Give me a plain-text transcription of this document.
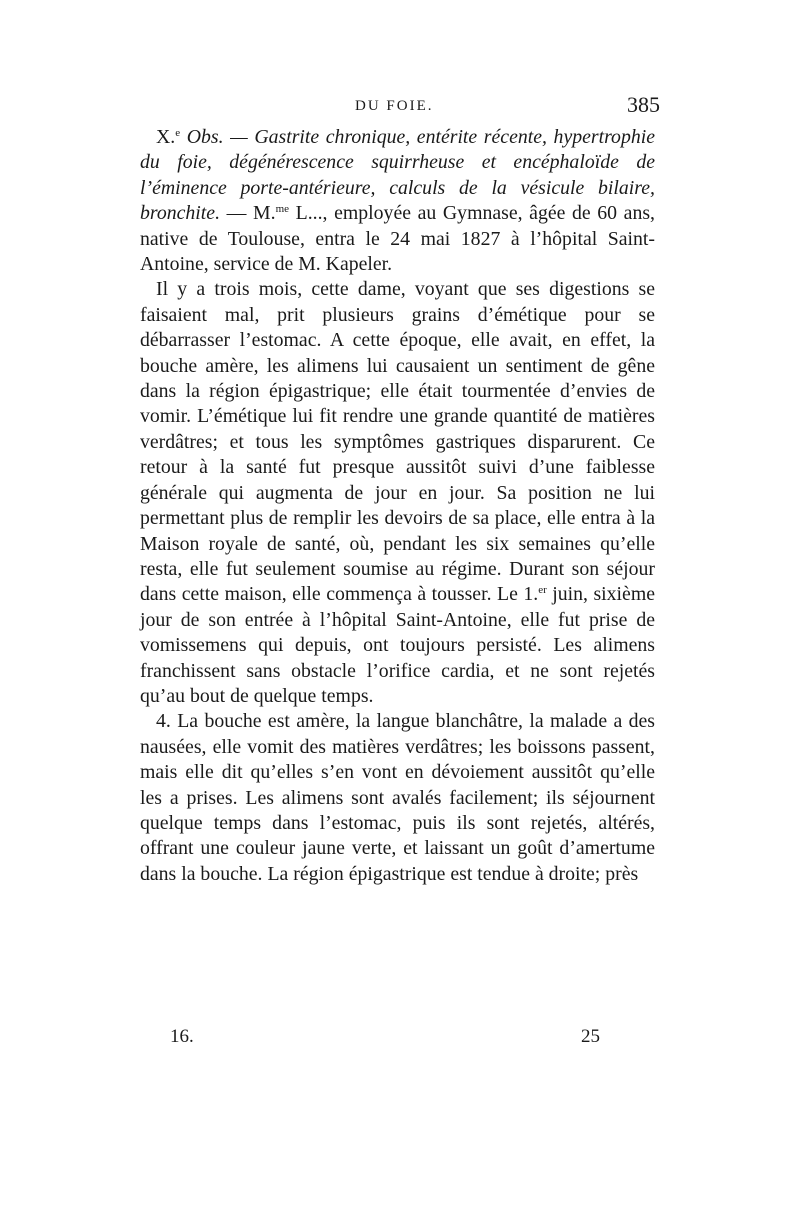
DU FOIE.	385

X.$^e$ Obs. — Gastrite chronique, entérite récente, hypertrophie du foie, dégénérescence squirrheuse et encéphaloïde de l’éminence porte-antérieure, calculs de la vésicule bilaire, bronchite. — M.$^{me}$ L..., employée au Gymnase, âgée de 60 ans, native de Toulouse, entra le 24 mai 1827 à l’hôpital Saint-Antoine, service de M. Kapeler.

Il y a trois mois, cette dame, voyant que ses digestions se faisaient mal, prit plusieurs grains d’émétique pour se débarrasser l’estomac. A cette époque, elle avait, en effet, la bouche amère, les alimens lui causaient un sentiment de gêne dans la région épigastrique; elle était tourmentée d’envies de vomir. L’émétique lui fit rendre une grande quantité de matières verdâtres; et tous les symptômes gastriques disparurent. Ce retour à la santé fut presque aussitôt suivi d’une faiblesse générale qui augmenta de jour en jour. Sa position ne lui permettant plus de remplir les devoirs de sa place, elle entra à la Maison royale de santé, où, pendant les six semaines qu’elle resta, elle fut seulement soumise au régime. Durant son séjour dans cette maison, elle commença à tousser. Le 1.$^{er}$ juin, sixième jour de son entrée à l’hôpital Saint-Antoine, elle fut prise de vomissemens qui depuis, ont toujours persisté. Les alimens franchissent sans obstacle l’orifice cardia, et ne sont rejetés qu’au bout de quelque temps.

4. La bouche est amère, la langue blanchâtre, la malade a des nausées, elle vomit des matières verdâtres; les boissons passent, mais elle dit qu’elles s’en vont en dévoiement aussitôt qu’elle les a prises. Les alimens sont avalés facilement; ils séjournent quelque temps dans l’estomac, puis ils sont rejetés, altérés, offrant une couleur jaune verte, et laissant un goût d’amertume dans la bouche. La région épigastrique est tendue à droite; près

16.	25
